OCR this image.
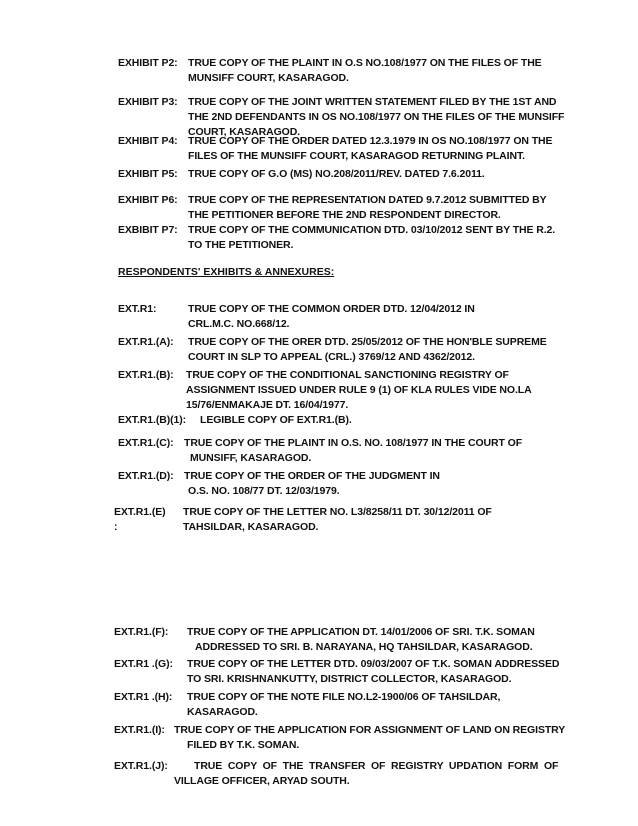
EXHIBIT P2: TRUE COPY OF THE PLAINT IN O.S NO.108/1977 ON THE FILES OF THE
MUNSIFF COURT, KASARAGOD.
EXHIBIT P3: TRUE COPY OF THE JOINT WRITTEN STATEMENT FILED BY THE 1ST AND
THE 2ND DEFENDANTS IN OS NO.108/1977 ON THE FILES OF THE MUNSIFF
COURT, KASARAGOD.
EXHIBIT P4: TRUE COPY OF THE ORDER DATED 12.3.1979 IN OS NO.108/1977 ON THE
FILES OF THE MUNSIFF COURT, KASARAGOD RETURNING PLAINT.
EXHIBIT P5: TRUE COPY OF G.O (MS) NO.208/2011/REV. DATED 7.6.2011.
EXHIBIT P6: TRUE COPY OF THE REPRESENTATION DATED 9.7.2012 SUBMITTED BY
THE PETITIONER BEFORE THE 2ND RESPONDENT DIRECTOR.
EXBIBIT P7: TRUE COPY OF THE COMMUNICATION DTD. 03/10/2012 SENT BY THE R.2.
TO THE PETITIONER.
RESPONDENTS' EXHIBITS & ANNEXURES:
EXT.R1:	TRUE COPY OF THE COMMON ORDER DTD. 12/04/2012 IN
CRL.M.C. NO.668/12.
EXT.R1.(A): TRUE COPY OF THE ORER DTD. 25/05/2012 OF THE HON'BLE SUPREME
COURT IN SLP TO APPEAL (CRL.) 3769/12 AND 4362/2012.
EXT.R1.(B): TRUE COPY OF THE CONDITIONAL SANCTIONING REGISTRY OF
ASSIGNMENT ISSUED UNDER RULE 9 (1) OF KLA RULES VIDE NO.LA
15/76/ENMAKAJE DT. 16/04/1977.
EXT.R1.(B)(1): LEGIBLE COPY OF EXT.R1.(B).
EXT.R1.(C): TRUE COPY OF THE PLAINT IN O.S. NO. 108/1977 IN THE COURT OF
MUNSIFF, KASARAGOD.
EXT.R1.(D): TRUE COPY OF THE ORDER OF THE JUDGMENT IN
O.S. NO. 108/77 DT. 12/03/1979.
EXT.R1.(E)
:
TRUE COPY OF THE LETTER NO. L3/8258/11 DT. 30/12/2011 OF
TAHSILDAR, KASARAGOD.
EXT.R1.(F): TRUE COPY OF THE APPLICATION DT. 14/01/2006 OF SRI. T.K. SOMAN
ADDRESSED TO SRI. B. NARAYANA, HQ TAHSILDAR, KASARAGOD.
EXT.R1 .(G): TRUE COPY OF THE LETTER DTD. 09/03/2007 OF T.K. SOMAN ADDRESSED
TO SRI. KRISHNANKUTTY, DISTRICT COLLECTOR, KASARAGOD.
EXT.R1 .(H): TRUE COPY OF THE NOTE FILE NO.L2-1900/06 OF TAHSILDAR,
KASARAGOD.
EXT.R1.(I): TRUE COPY OF THE APPLICATION FOR ASSIGNMENT OF LAND ON REGISTRY
FILED BY T.K. SOMAN.
EXT.R1.(J):	TRUE  COPY  OF  THE  TRANSFER  OF  REGISTRY  UPDATION  FORM  OF
VILLAGE OFFICER, ARYAD SOUTH.
